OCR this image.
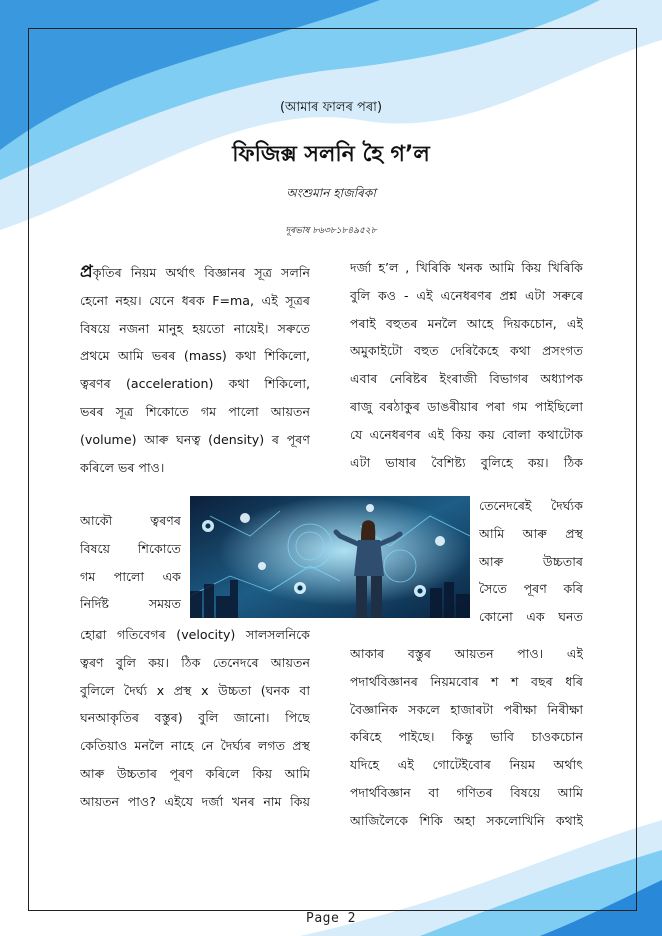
(আমাৰ ফালৰ পৰা)
ফিজিক্স সলনি হৈ গ’ল
অংশুমান হাজৰিকা
দূৰভাষ ৮৬৩৮১৮৪৯৫২৮
প্ৰকৃতিৰ নিয়ম অৰ্থাৎ বিজ্ঞানৰ সূত্ৰ সলনি
হেনো নহয়। যেনে ধৰক F=ma, এই সূত্ৰৰ
বিষয়ে নজনা মানুহ হয়তো নায়েই। সৰুতে
প্ৰথমে আমি ভৰৰ (mass) কথা শিকিলো,
ত্বৰণৰ (acceleration) কথা শিকিলো,
ভৰৰ সূত্ৰ শিকোতে গম পালো আয়তন
(volume) আৰু ঘনত্ব (density) ৰ পূৰণ
কৰিলে ভৰ পাও।
আকৌ ত্বৰণৰ
বিষয়ে শিকোতে
গম পালো এক
নিৰ্দিষ্ট সময়ত
হোৱা গতিবেগৰ (velocity) সালসলনিকে
ত্বৰণ বুলি কয়। ঠিক তেনেদৰে আয়তন
বুলিলে দৈৰ্ঘ্য x প্ৰস্থ x উচ্চতা (ঘনক বা
ঘনআকৃতিৰ বস্তুৰ) বুলি জানো। পিছে
কেতিয়াও মনলৈ নাহে নে দৈৰ্ঘ্যৰ লগত প্ৰস্থ
আৰু উচ্চতাৰ পূৰণ কৰিলে কিয় আমি
আয়তন পাও? এইযে দৰ্জা খনৰ নাম কিয়
দৰ্জা হ’ল , খিৰিকি খনক আমি কিয় খিৰিকি
বুলি কও - এই এনেধৰণৰ প্ৰশ্ন এটা সৰুৰে
পৰাই বহুতৰ মনলৈ আহে দিয়কচোন, এই
অমুকাইটো বহুত দেৰিকৈহে কথা প্ৰসংগত
এবাৰ নেৰিষ্টৰ ইংৰাজী বিভাগৰ অধ্যাপক
ৰাজু বৰঠাকুৰ ডাঙৰীয়াৰ পৰা গম পাইছিলো
যে এনেধৰণৰ এই কিয় কয় বোলা কথাটোক
এটা ভাষাৰ বৈশিষ্ট্য বুলিহে কয়। ঠিক
তেনেদৰেই দৈৰ্ঘ্যক
আমি আৰু প্ৰস্থ
আৰু উচ্চতাৰ
সৈতে পূৰণ কৰি
কোনো এক ঘনত
আকাৰ বস্তুৰ আয়তন পাও। এই
পদাৰ্থবিজ্ঞানৰ নিয়মবোৰ শ শ বছৰ ধৰি
বৈজ্ঞানিক সকলে হাজাৰটা পৰীক্ষা নিৰীক্ষা
কৰিহে পাইছে। কিন্তু ভাবি চাওকচোন
যদিহে এই গোটেইবোৰ নিয়ম অৰ্থাৎ
পদাৰ্থবিজ্ঞান বা গণিতৰ বিষয়ে আমি
আজিলৈকে শিকি অহা সকলোখিনি কথাই
Page 2
